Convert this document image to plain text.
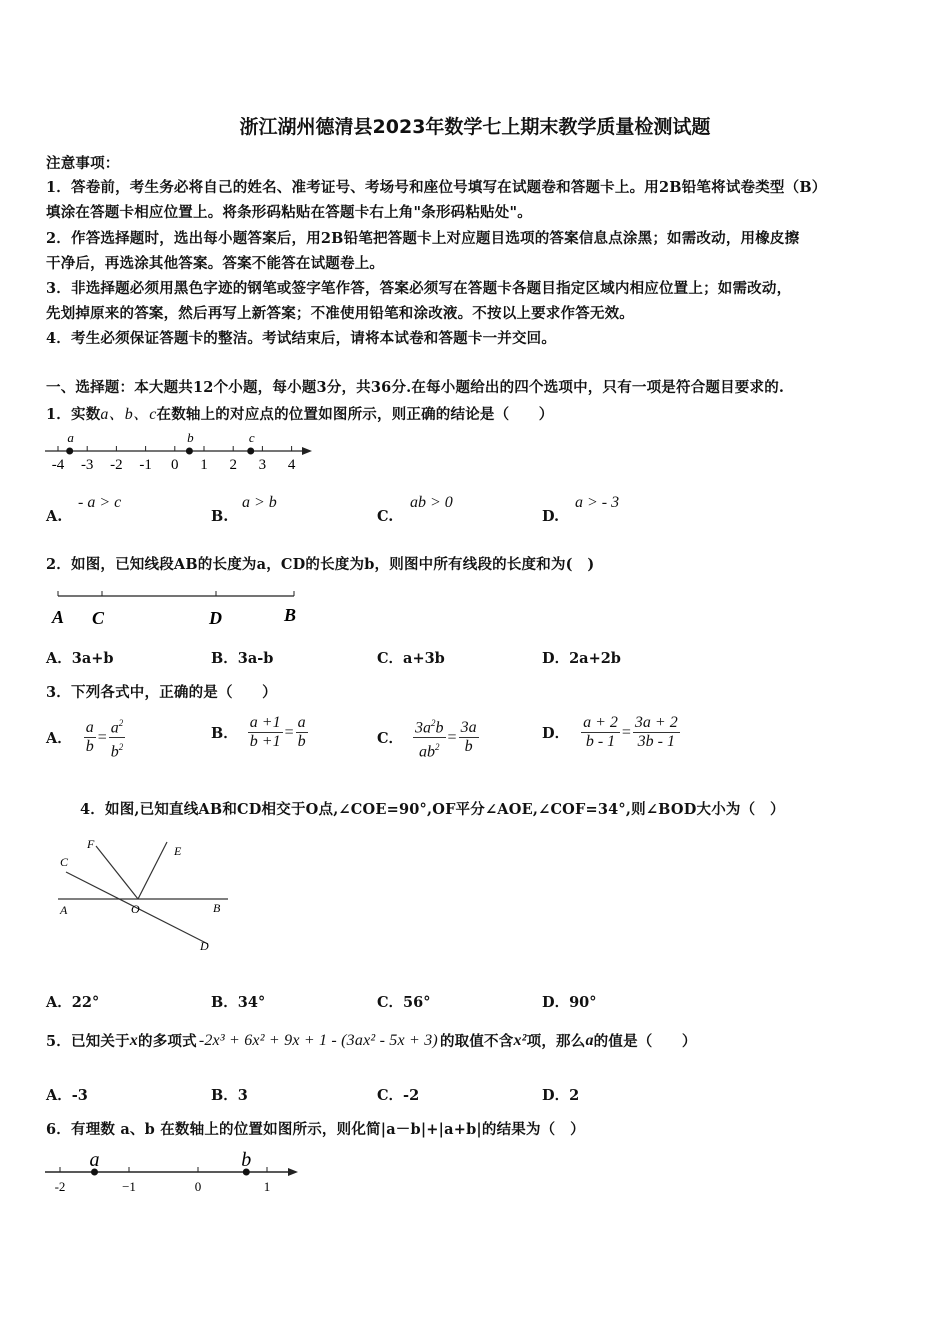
浙江湖州德清县2023年数学七上期末教学质量检测试题
注意事项：
1．答卷前，考生务必将自己的姓名、准考证号、考场号和座位号填写在试题卷和答题卡上。用2B铅笔将试卷类型（B）
填涂在答题卡相应位置上。将条形码粘贴在答题卡右上角"条形码粘贴处"。
2．作答选择题时，选出每小题答案后，用2B铅笔把答题卡上对应题目选项的答案信息点涂黑；如需改动，用橡皮擦
干净后，再选涂其他答案。答案不能答在试题卷上。
3．非选择题必须用黑色字迹的钢笔或签字笔作答，答案必须写在答题卡各题目指定区域内相应位置上；如需改动，
先划掉原来的答案，然后再写上新答案；不准使用铅笔和涂改液。不按以上要求作答无效。
4．考生必须保证答题卡的整洁。考试结束后，请将本试卷和答题卡一并交回。
一、选择题：本大题共12个小题，每小题3分，共36分.在每小题给出的四个选项中，只有一项是符合题目要求的.
1．实数a、b、c在数轴上的对应点的位置如图所示，则正确的结论是（　　）
-4 -3 -2 -1 0 1 2 3 4
a	b	c
A.
- a > c
B.
a > b
C.
ab > 0
D.
a > - 3
2．如图，已知线段AB的长度为a，CD的长度为b，则图中所有线段的长度和为(　)
A C	D	B
A．3a+b	B．3a-b	C．a+3b	D．2a+2b
3．下列各式中，正确的是（　　）
A． $\frac{a}{b} = \frac{a^2}{b^2}$	B． $\frac{a +1}{b +1} = \frac{a}{b}$	C． $\frac{3a^2b}{ab^2} = \frac{3a}{b}$	D． $\frac{a + 2}{b - 1} = \frac{3a + 2}{3b - 1}$
4．如图,已知直线AB和CD相交于O点,∠COE=90°,OF平分∠AOE,∠COF=34°,则∠BOD大小为（　）
C
F	E
A	O	B
D
A．22°	B．34°	C．56°	D．90°
5．已知关于 x 的多项式 -2x³ + 6x² + 9x + 1 - (3ax² - 5x + 3) 的取值不含 x² 项，那么 a 的值是（　　）
A．-3	B．3	C．-2	D．2
6．有理数 a、b 在数轴上的位置如图所示，则化简|a－b|+|a+b|的结果为（　）
-2	−1	0	1
a	b
